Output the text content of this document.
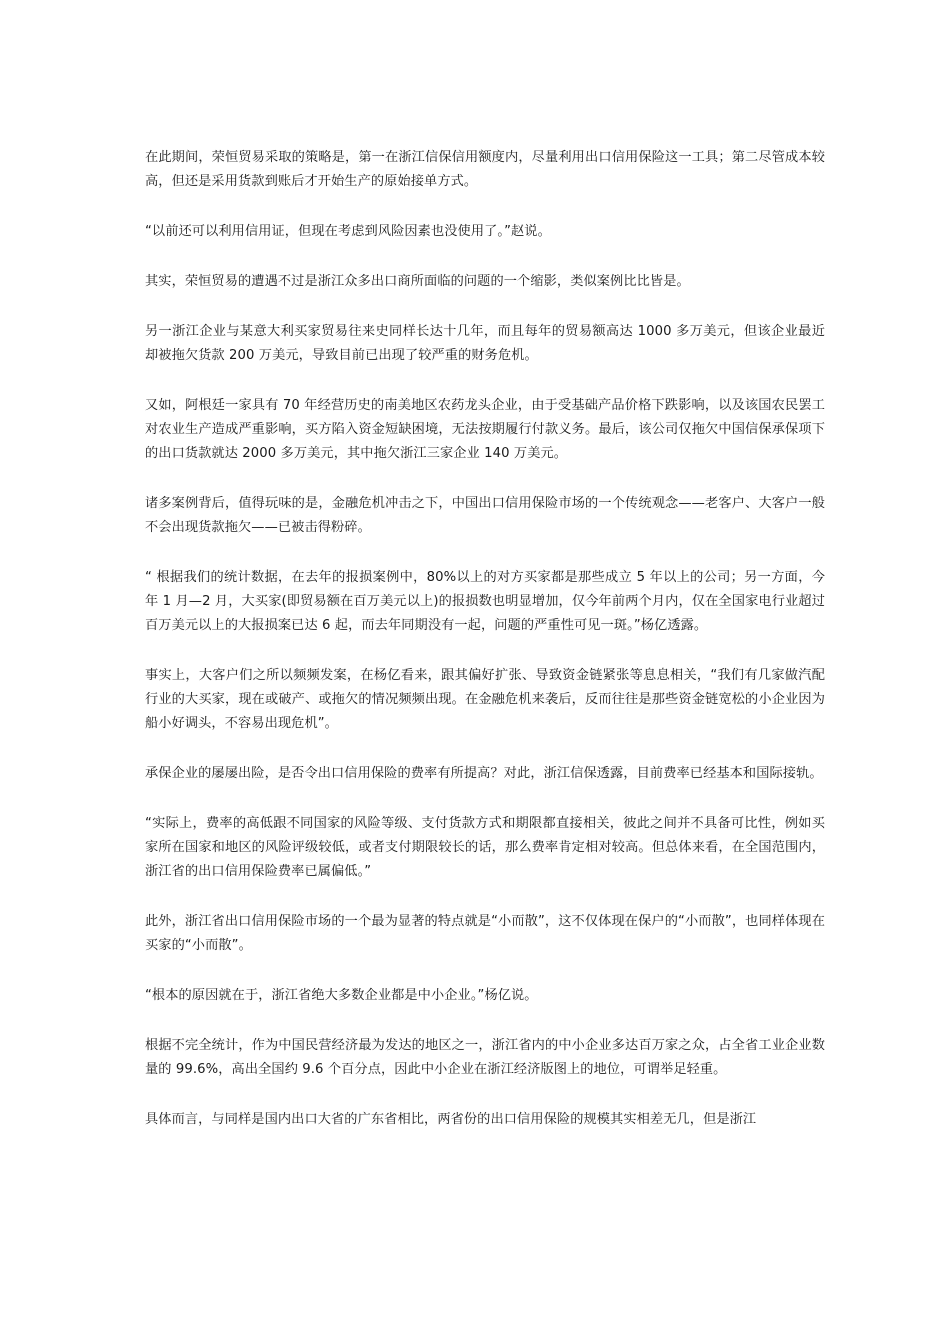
在此期间，荣恒贸易采取的策略是，第一在浙江信保信用额度内，尽量利用出口信用保险这一工具；第二尽管成本较高，但还是采用货款到账后才开始生产的原始接单方式。

“以前还可以利用信用证，但现在考虑到风险因素也没使用了。”赵说。

其实，荣恒贸易的遭遇不过是浙江众多出口商所面临的问题的一个缩影，类似案例比比皆是。

另一浙江企业与某意大利买家贸易往来史同样长达十几年，而且每年的贸易额高达 1000 多万美元，但该企业最近却被拖欠货款 200 万美元，导致目前已出现了较严重的财务危机。

又如，阿根廷一家具有 70 年经营历史的南美地区农药龙头企业，由于受基础产品价格下跌影响，以及该国农民罢工对农业生产造成严重影响，买方陷入资金短缺困境，无法按期履行付款义务。最后，该公司仅拖欠中国信保承保项下的出口货款就达 2000 多万美元，其中拖欠浙江三家企业 140 万美元。

诸多案例背后，值得玩味的是，金融危机冲击之下，中国出口信用保险市场的一个传统观念——老客户、大客户一般不会出现货款拖欠——已被击得粉碎。

“ 根据我们的统计数据，在去年的报损案例中，80%以上的对方买家都是那些成立 5 年以上的公司；另一方面，今年 1 月—2 月，大买家(即贸易额在百万美元以上)的报损数也明显增加，仅今年前两个月内，仅在全国家电行业超过百万美元以上的大报损案已达 6 起，而去年同期没有一起，问题的严重性可见一斑。”杨亿透露。

事实上，大客户们之所以频频发案，在杨亿看来，跟其偏好扩张、导致资金链紧张等息息相关，“我们有几家做汽配行业的大买家，现在或破产、或拖欠的情况频频出现。在金融危机来袭后，反而往往是那些资金链宽松的小企业因为船小好调头，不容易出现危机”。

承保企业的屡屡出险，是否令出口信用保险的费率有所提高？对此，浙江信保透露，目前费率已经基本和国际接轨。

“实际上，费率的高低跟不同国家的风险等级、支付货款方式和期限都直接相关，彼此之间并不具备可比性，例如买家所在国家和地区的风险评级较低，或者支付期限较长的话，那么费率肯定相对较高。但总体来看，在全国范围内，浙江省的出口信用保险费率已属偏低。”

此外，浙江省出口信用保险市场的一个最为显著的特点就是“小而散”，这不仅体现在保户的“小而散”，也同样体现在买家的“小而散”。

“根本的原因就在于，浙江省绝大多数企业都是中小企业。”杨亿说。

根据不完全统计，作为中国民营经济最为发达的地区之一，浙江省内的中小企业多达百万家之众，占全省工业企业数量的 99.6%，高出全国约 9.6 个百分点，因此中小企业在浙江经济版图上的地位，可谓举足轻重。

具体而言，与同样是国内出口大省的广东省相比，两省份的出口信用保险的规模其实相差无几，但是浙江
